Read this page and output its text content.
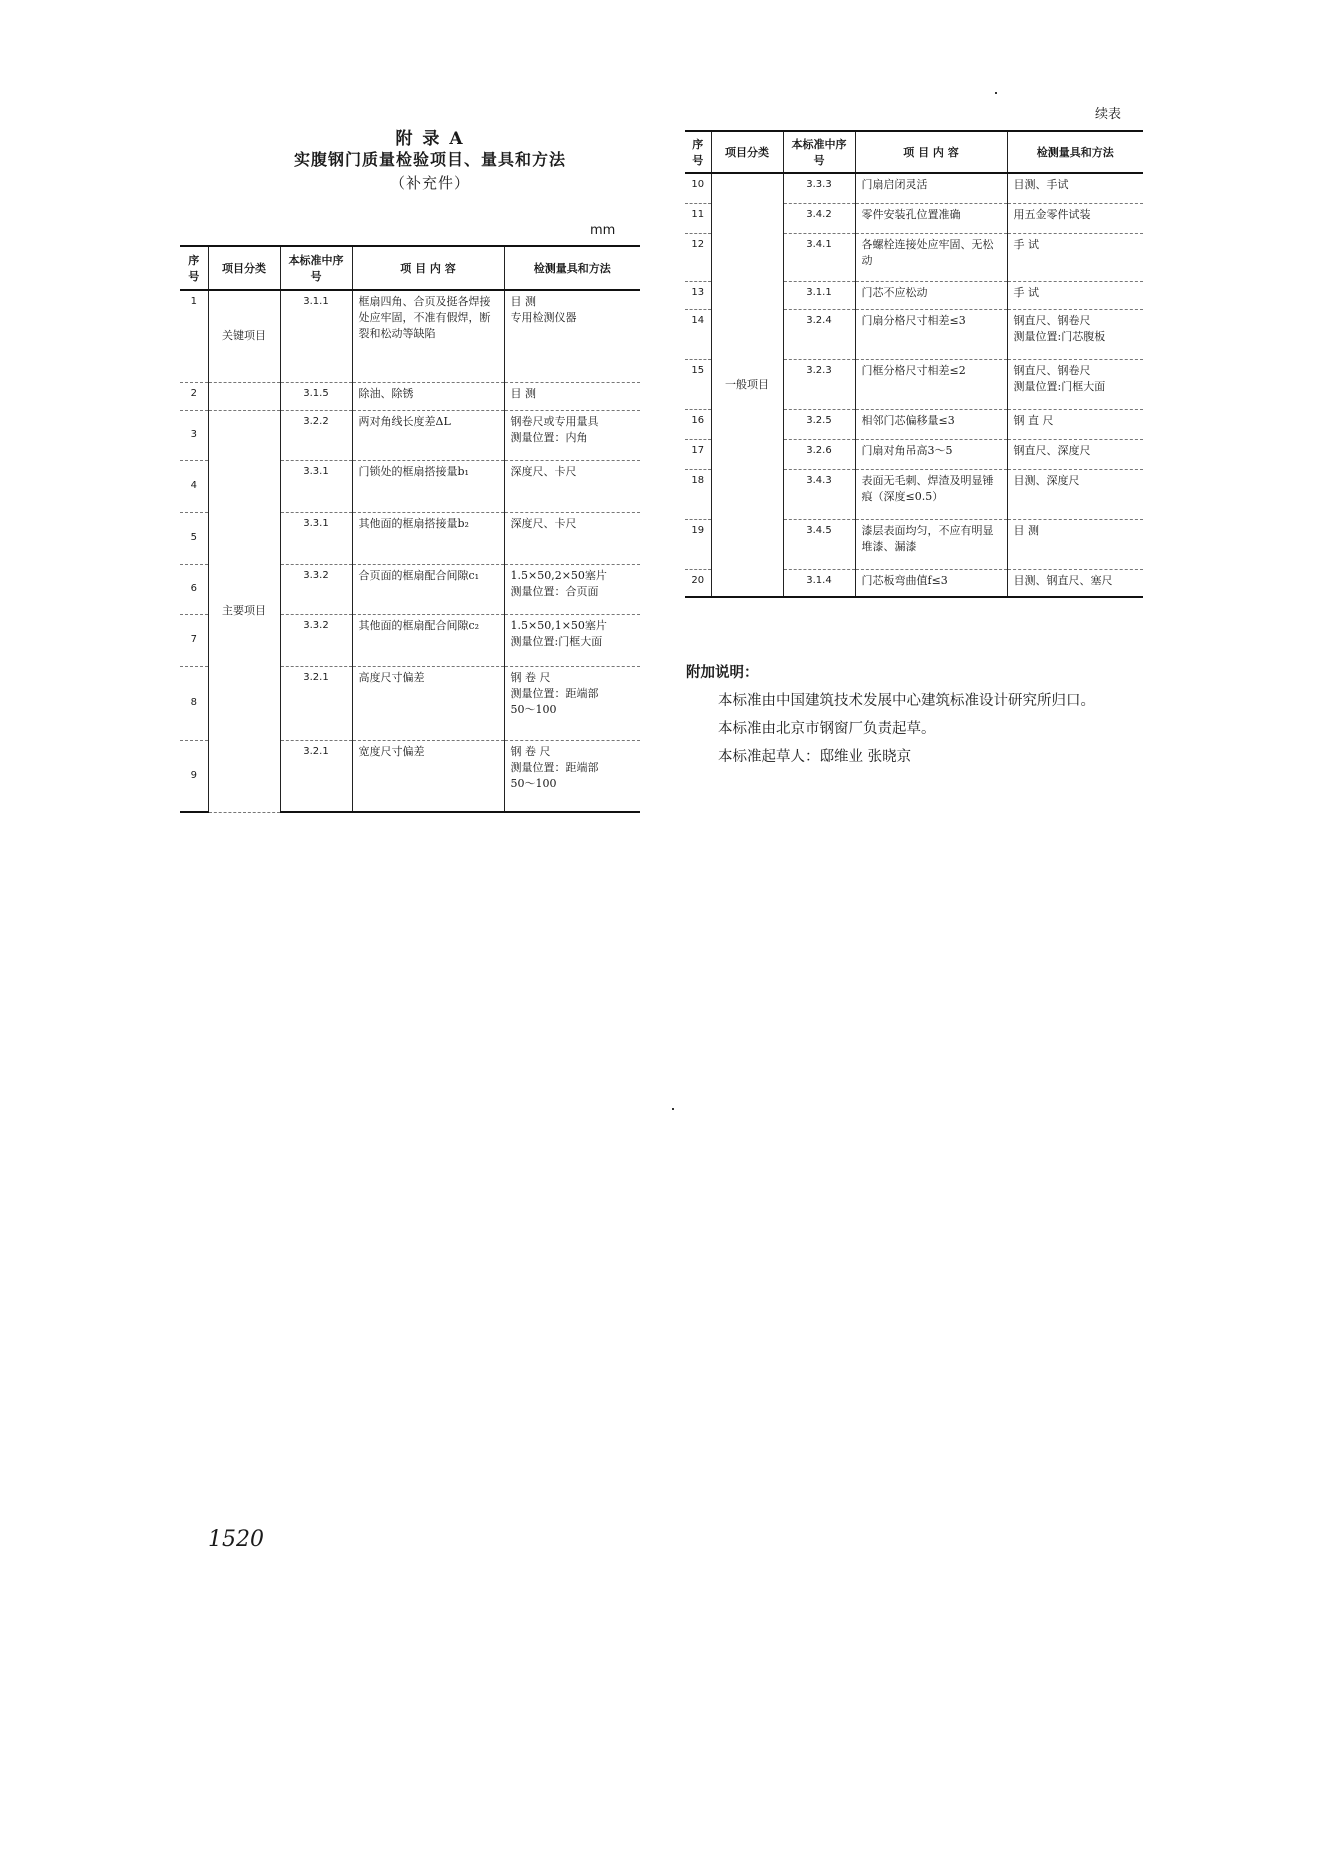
附 录 A
实腹钢门质量检验项目、量具和方法
（补充件）
mm
续表
序号	项目分类	本标准中序 号	项 目 内 容	检测量具和方法
1	关键项目	3.1.1	框扇四角、合页及挺各焊接处应牢固，不准有假焊，断裂和松动等缺陷	目 测
专用检测仪器
2		3.1.5	除油、除锈	目 测
3	主要项目	3.2.2	两对角线长度差ΔL	钢卷尺或专用量具
测量位置：内角
4		3.3.1	门锁处的框扇搭接量b₁	深度尺、卡尺
5		3.3.1	其他面的框扇搭接量b₂	深度尺、卡尺
6		3.3.2	合页面的框扇配合间隙c₁	1.5×50,2×50塞片
测量位置：合页面
7		3.3.2	其他面的框扇配合间隙c₂	1.5×50,1×50塞片
测量位置:门框大面
8		3.2.1	高度尺寸偏差	钢 卷 尺
测量位置：距端部
50～100
9		3.2.1	宽度尺寸偏差	钢 卷 尺
测量位置：距端部
50～100
序号	项目分类	本标准中序 号	项 目 内 容	检测量具和方法
10	一般项目	3.3.3	门扇启闭灵活	目测、手试
11		3.4.2	零件安装孔位置准确	用五金零件试装
12		3.4.1	各螺栓连接处应牢固、无松动	手 试
13		3.1.1	门芯不应松动	手 试
14		3.2.4	门扇分格尺寸相差≤3	钢直尺、钢卷尺
测量位置:门芯腹板
15		3.2.3	门框分格尺寸相差≤2	钢直尺、钢卷尺
测量位置:门框大面
16		3.2.5	相邻门芯偏移量≤3	钢 直 尺
17		3.2.6	门扇对角吊高3～5	钢直尺、深度尺
18		3.4.3	表面无毛刺、焊渣及明显锤痕（深度≤0.5）	目测、深度尺
19		3.4.5	漆层表面均匀，不应有明显堆漆、漏漆	目 测
20		3.1.4	门芯板弯曲值f≤3	目测、钢直尺、塞尺

附加说明：

本标准由中国建筑技术发展中心建筑标准设计研究所归口。

本标准由北京市钢窗厂负责起草。

本标准起草人：邸维业 张晓京

1520
